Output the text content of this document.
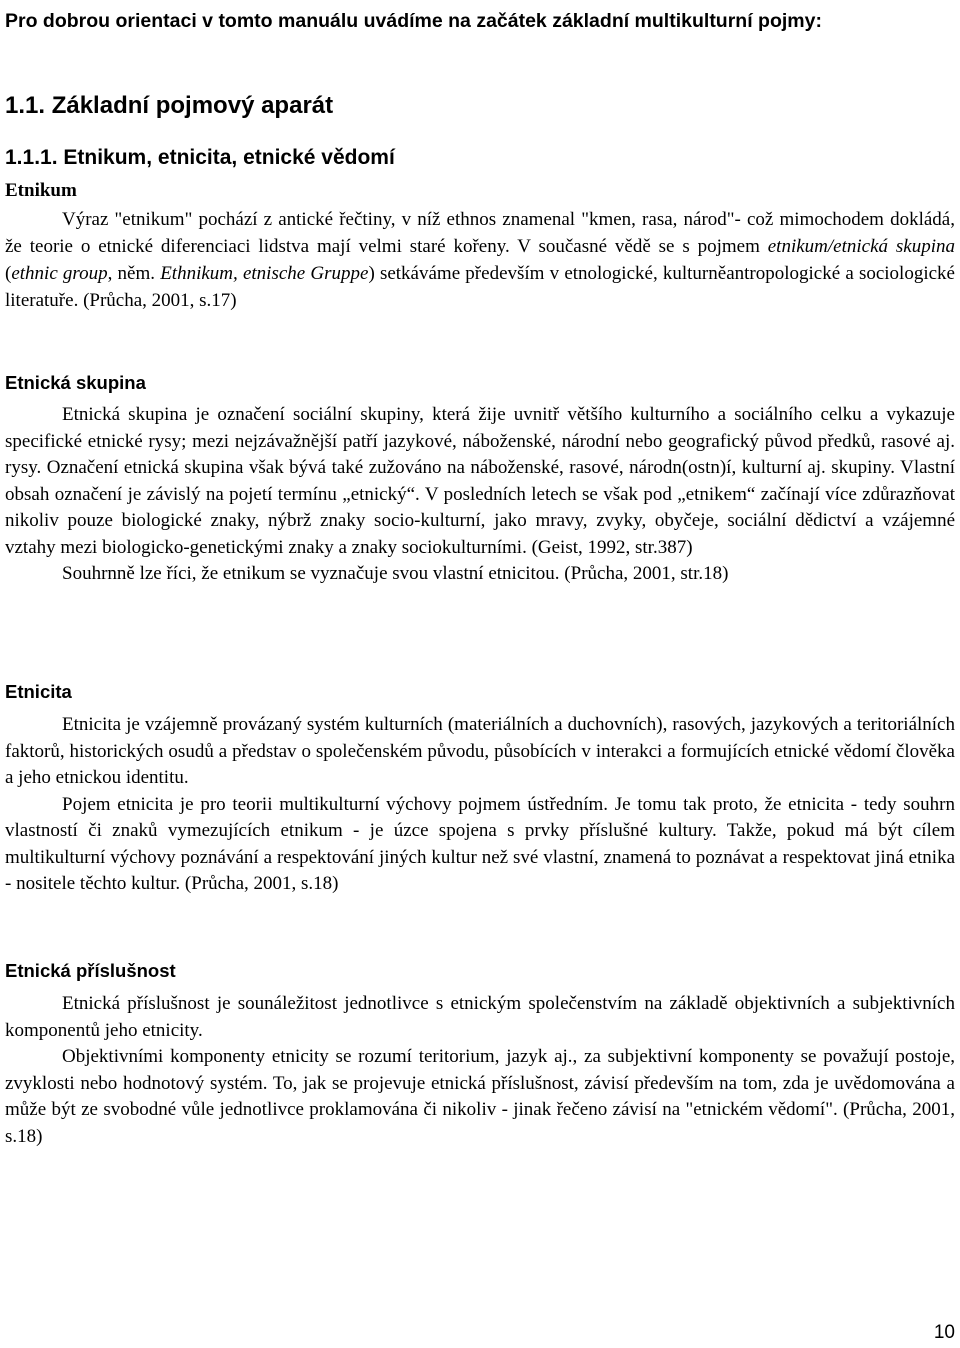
Pro dobrou orientaci v tomto manuálu uvádíme na začátek základní multikulturní pojmy:
1.1. Základní pojmový aparát
1.1.1. Etnikum, etnicita, etnické vědomí
Etnikum

Výraz "etnikum" pochází z antické řečtiny, v níž ethnos znamenal "kmen, rasa, národ"- což mimochodem dokládá, že teorie o etnické diferenciaci lidstva mají velmi staré kořeny. V současné vědě se s pojmem etnikum/etnická skupina (ethnic group, něm. Ethnikum, etnische Gruppe) setkáváme především v etnologické, kulturněantropologické a sociologické literatuře. (Průcha, 2001, s.17)

Etnická skupina

Etnická skupina je označení sociální skupiny, která žije uvnitř většího kulturního a sociálního celku a vykazuje specifické etnické rysy; mezi nejzávažnější patří jazykové, náboženské, národní nebo geografický původ předků, rasové aj. rysy. Označení etnická skupina však bývá také zužováno na náboženské, rasové, národn(ostn)í, kulturní aj. skupiny. Vlastní obsah označení je závislý na pojetí termínu „etnický“. V posledních letech se však pod „etnikem“ začínají více zdůrazňovat nikoliv pouze biologické znaky, nýbrž znaky socio-kulturní, jako mravy, zvyky, obyčeje, sociální dědictví a vzájemné vztahy mezi biologicko-genetickými znaky a znaky sociokulturními. (Geist, 1992, str.387)

Souhrnně lze říci, že etnikum se vyznačuje svou vlastní etnicitou. (Průcha, 2001, str.18)

Etnicita

Etnicita je vzájemně provázaný systém kulturních (materiálních a duchovních), rasových, jazykových a teritoriálních faktorů, historických osudů a představ o společenském původu, působících v interakci a formujících etnické vědomí člověka a jeho etnickou identitu.

Pojem etnicita je pro teorii multikulturní výchovy pojmem ústředním. Je tomu tak proto, že etnicita - tedy souhrn vlastností či znaků vymezujících etnikum - je úzce spojena s prvky příslušné kultury. Takže, pokud má být cílem multikulturní výchovy poznávání a respektování jiných kultur než své vlastní, znamená to poznávat a respektovat jiná etnika - nositele těchto kultur. (Průcha, 2001, s.18)

Etnická příslušnost

Etnická příslušnost je sounáležitost jednotlivce s etnickým společenstvím na základě objektivních a subjektivních komponentů jeho etnicity.

Objektivními komponenty etnicity se rozumí teritorium, jazyk aj., za subjektivní komponenty se považují postoje, zvyklosti nebo hodnotový systém. To, jak se projevuje etnická příslušnost, závisí především na tom, zda je uvědomována a může být ze svobodné vůle jednotlivce proklamována či nikoliv - jinak řečeno závisí na "etnickém vědomí". (Průcha, 2001, s.18)

10
